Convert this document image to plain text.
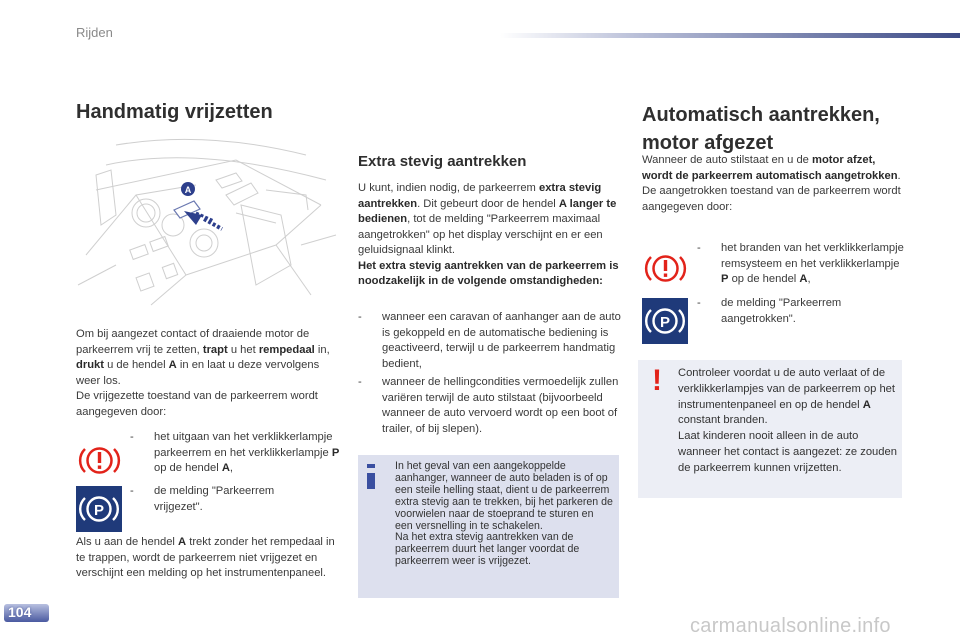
Rijden
Handmatig vrijzetten
A

Om bij aangezet contact of draaiende motor de parkeerrem vrij te zetten, trapt u het rempedaal in, drukt u de hendel A in en laat u deze vervolgens weer los.

De vrijgezette toestand van de parkeerrem wordt aangegeven door:

- het uitgaan van het verklikkerlampje parkeerrem en het verklikkerlampje P op de hendel A,
P
- de melding "Parkeerrem vrijgezet".

Als u aan de hendel A trekt zonder het rempedaal in te trappen, wordt de parkeerrem niet vrijgezet en verschijnt een melding op het instrumentenpaneel.

Extra stevig aantrekken

U kunt, indien nodig, de parkeerrem extra stevig aantrekken. Dit gebeurt door de hendel A langer te bedienen, tot de melding "Parkeerrem maximaal aangetrokken" op het display verschijnt en er een geluidsignaal klinkt.

Het extra stevig aantrekken van de parkeerrem is noodzakelijk in de volgende omstandigheden:

- wanneer een caravan of aanhanger aan de auto is gekoppeld en de automatische bediening is geactiveerd, terwijl u de parkeerrem handmatig bedient,
- wanneer de hellingcondities vermoedelijk zullen variëren terwijl de auto stilstaat (bijvoorbeeld wanneer de auto vervoerd wordt op een boot of trailer, of bij slepen).
In het geval van een aangekoppelde aanhanger, wanneer de auto beladen is of op een steile helling staat, dient u de parkeerrem extra stevig aan te trekken, bij het parkeren de voorwielen naar de stoeprand te sturen en een versnelling in te schakelen.
Na het extra stevig aantrekken van de parkeerrem duurt het langer voordat de parkeerrem weer is vrijgezet.
Automatisch aantrekken, motor afgezet

Wanneer de auto stilstaat en u de motor afzet, wordt de parkeerrem automatisch aangetrokken.

De aangetrokken toestand van de parkeerrem wordt aangegeven door:

- het branden van het verklikkerlampje remsysteem en het verklikkerlampje P op de hendel A,
P
- de melding "Parkeerrem aangetrokken".
! Controleer voordat u de auto verlaat of de verklikkerlampjes van de parkeerrem op het instrumentenpaneel en op de hendel A constant branden.
Laat kinderen nooit alleen in de auto wanneer het contact is aangezet: ze zouden de parkeerrem kunnen vrijzetten.
104
carmanualsonline.info
